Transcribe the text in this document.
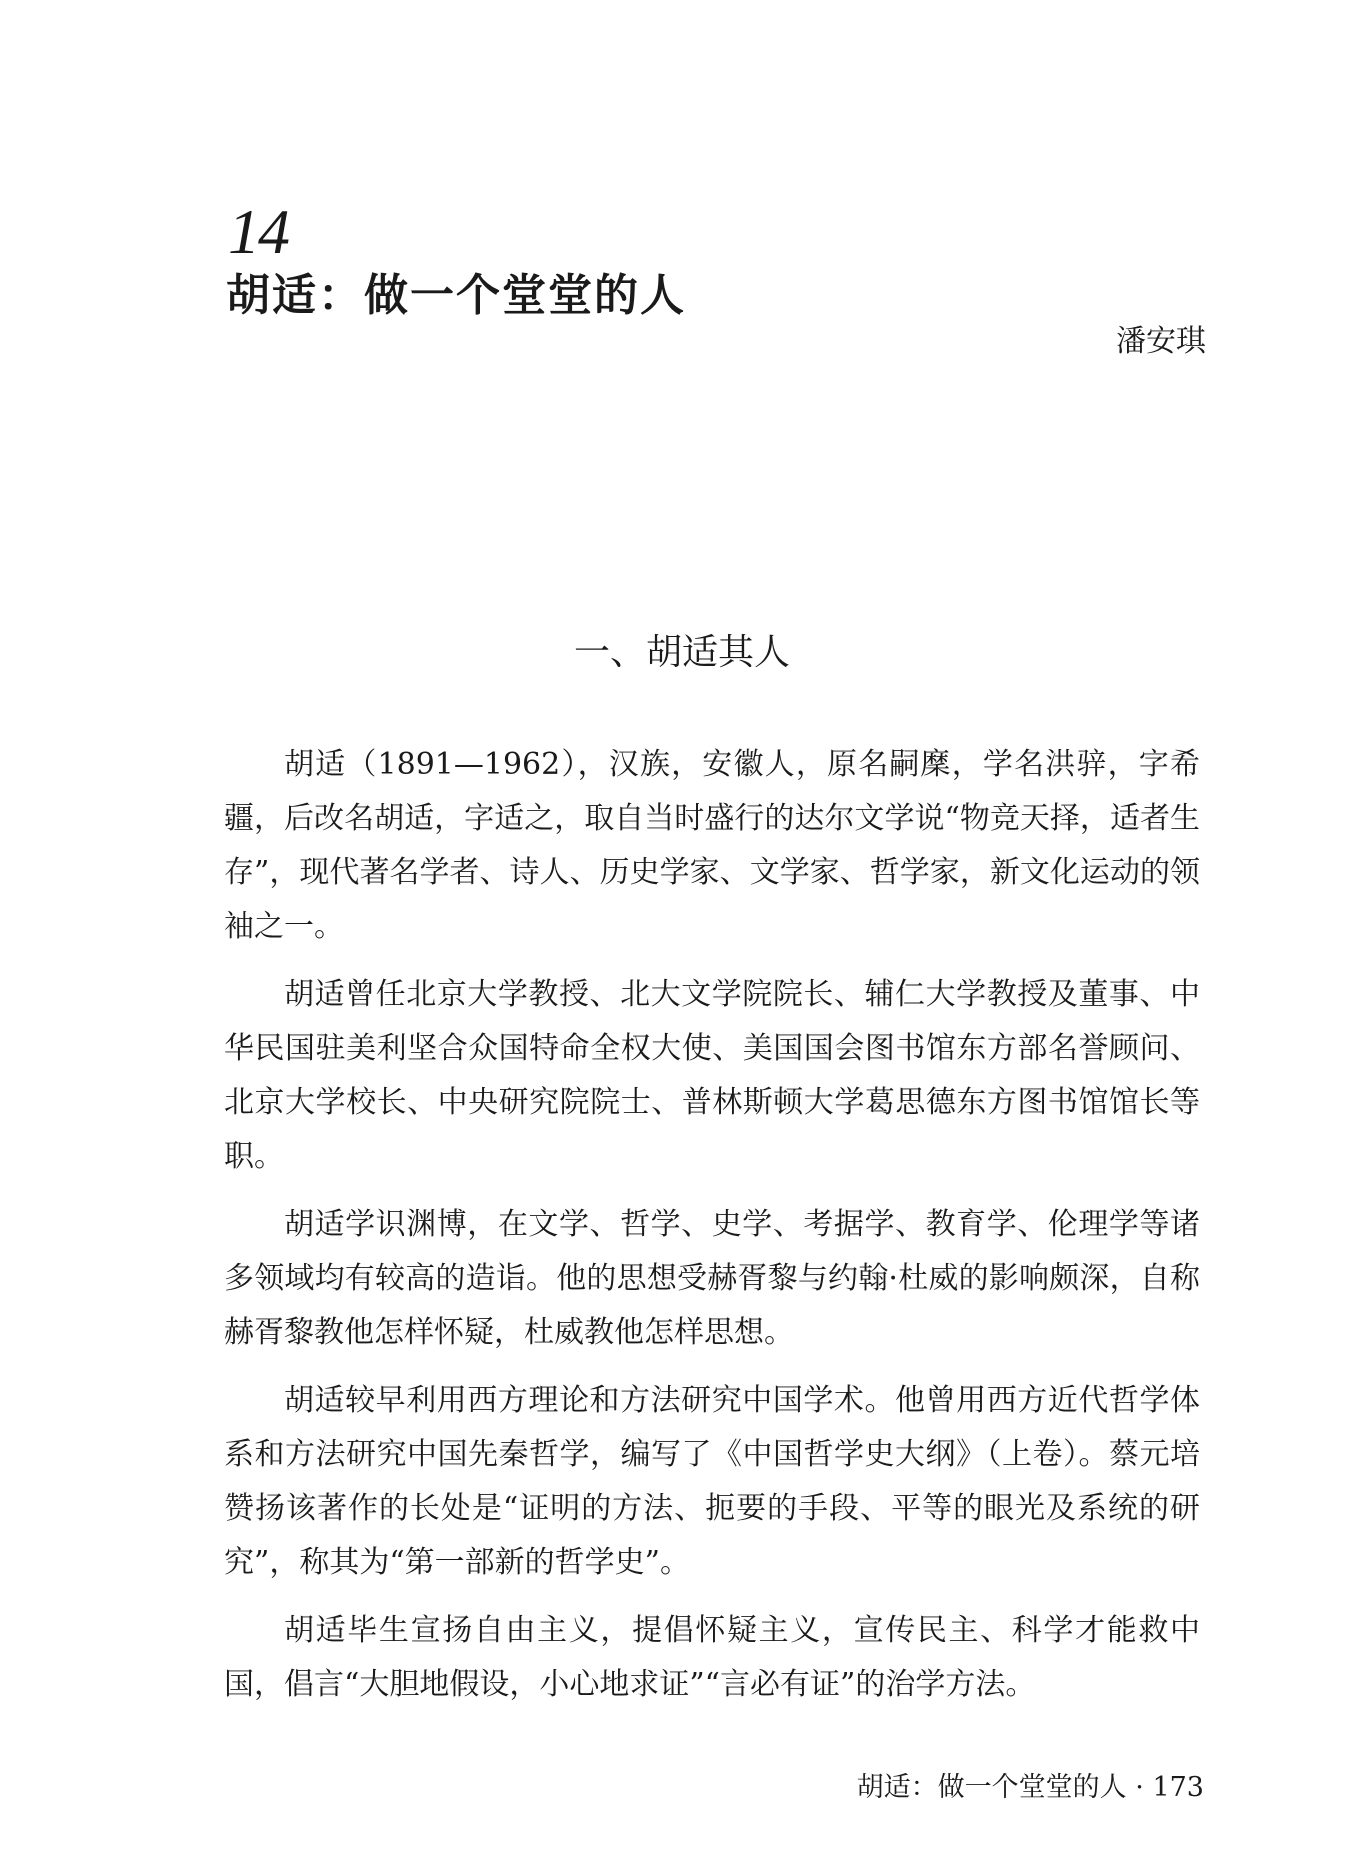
14
胡适：做一个堂堂的人
潘安琪
一、胡适其人

胡适（1891—1962），汉族，安徽人，原名嗣穈，学名洪骍，字希疆，后改名胡适，字适之，取自当时盛行的达尔文学说“物竞天择，适者生存”，现代著名学者、诗人、历史学家、文学家、哲学家，新文化运动的领袖之一。

胡适曾任北京大学教授、北大文学院院长、辅仁大学教授及董事、中华民国驻美利坚合众国特命全权大使、美国国会图书馆东方部名誉顾问、北京大学校长、中央研究院院士、普林斯顿大学葛思德东方图书馆馆长等职。

胡适学识渊博，在文学、哲学、史学、考据学、教育学、伦理学等诸多领域均有较高的造诣。他的思想受赫胥黎与约翰·杜威的影响颇深，自称赫胥黎教他怎样怀疑，杜威教他怎样思想。

胡适较早利用西方理论和方法研究中国学术。他曾用西方近代哲学体系和方法研究中国先秦哲学，编写了《中国哲学史大纲》（上卷）。蔡元培赞扬该著作的长处是“证明的方法、扼要的手段、平等的眼光及系统的研究”，称其为“第一部新的哲学史”。

胡适毕生宣扬自由主义，提倡怀疑主义，宣传民主、科学才能救中国，倡言“大胆地假设，小心地求证”“言必有证”的治学方法。

胡适：做一个堂堂的人 · 173
